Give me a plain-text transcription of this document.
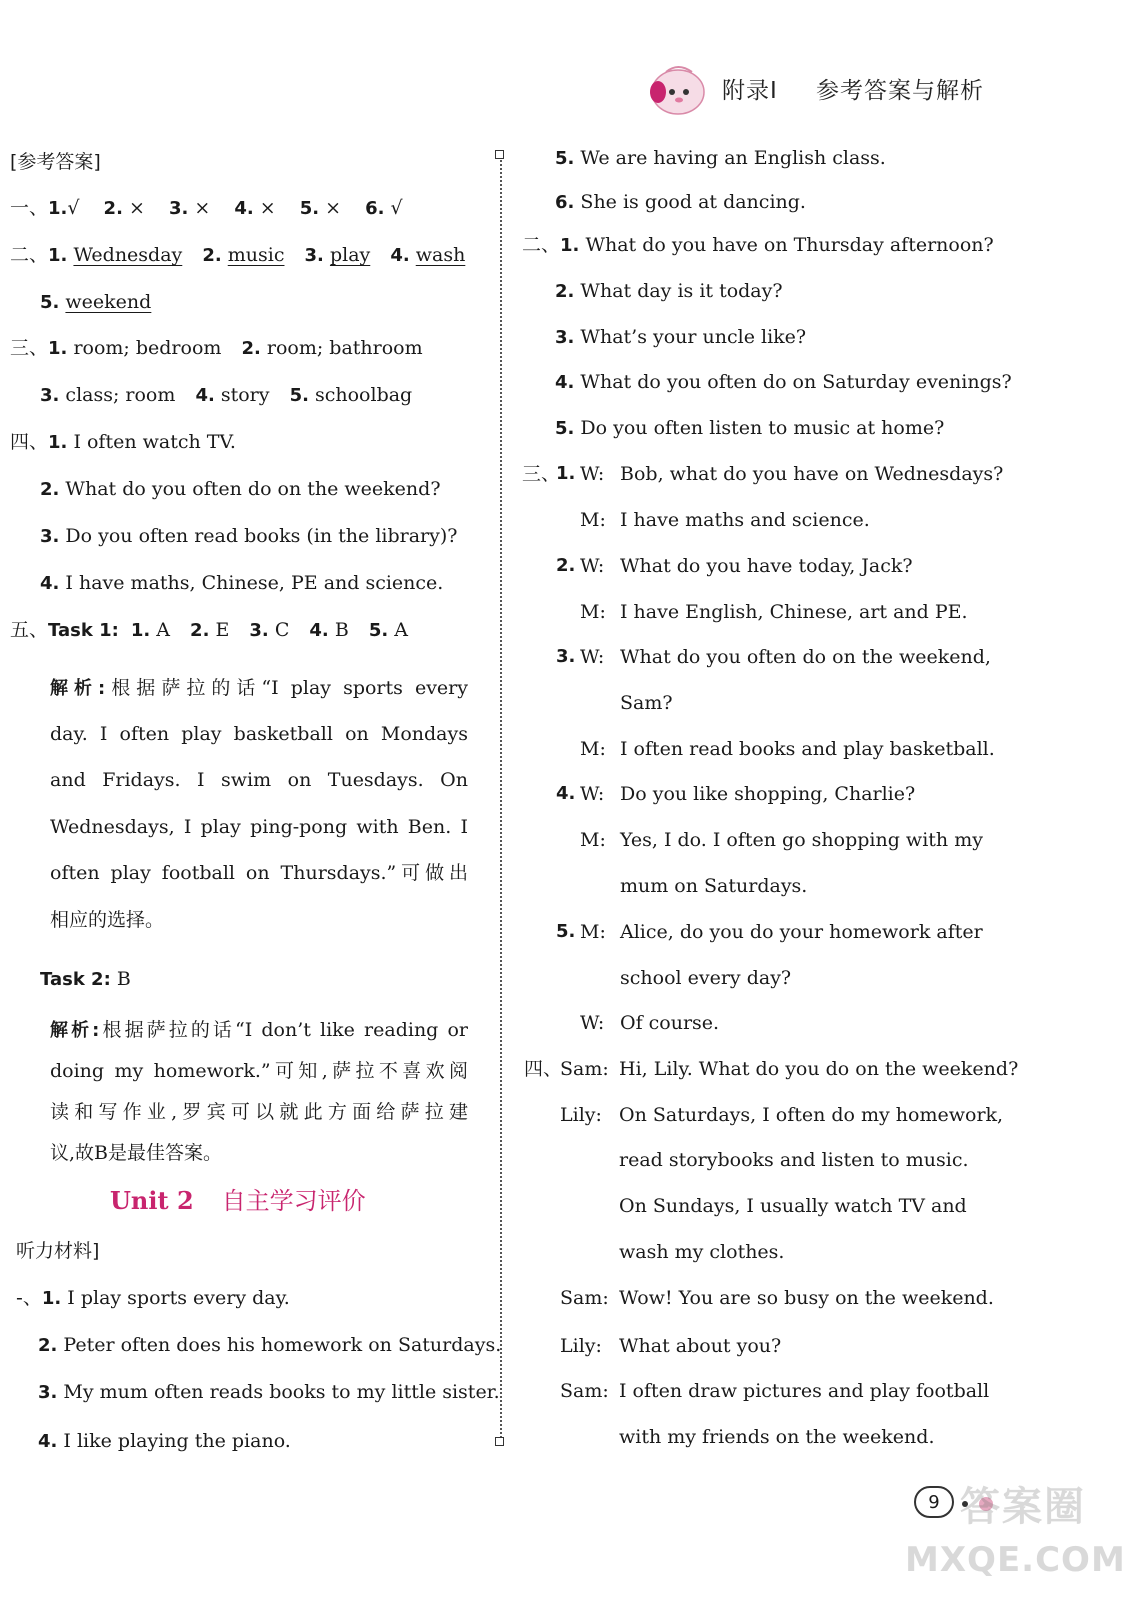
附录Ⅰ 参考答案与解析
[参考答案]
一、1.√ 2. × 3. × 4. × 5. × 6. √
二、1. Wednesday 2. music 3. play 4. wash
5. weekend
三、1. room; bedroom 2. room; bathroom
3. class; room 4. story 5. schoolbag
四、1. I often watch TV.
2. What do you often do on the weekend?
3. Do you often read books (in the library)?
4. I have maths, Chinese, PE and science.
五、Task 1: 1. A 2. E 3. C 4. B 5. A
解析:根据萨拉的话“I play sports every
day. I often play basketball on Mondays
and Fridays. I swim on Tuesdays. On
Wednesdays, I play ping-pong with Ben. I
often play football on Thursdays.”可做出
相应的选择。
Task 2: B
解析:根据萨拉的话“I don’t like reading or
doing my homework.”可知,萨拉不喜欢阅
读和写作业,罗宾可以就此方面给萨拉建
议,故B是最佳答案。
Unit 2 自主学习评价
听力材料]
-、1. I play sports every day.
2. Peter often does his homework on Saturdays.
3. My mum often reads books to my little sister.
4. I like playing the piano.
5. We are having an English class.
6. She is good at dancing.
二、1. What do you have on Thursday afternoon?
2. What day is it today?
3. What’s your uncle like?
4. What do you often do on Saturday evenings?
5. Do you often listen to music at home?
三、
1. W: Bob, what do you have on Wednesdays?
M: I have maths and science.
2. W: What do you have today, Jack?
M: I have English, Chinese, art and PE.
3. W: What do you often do on the weekend,
Sam?
M: I often read books and play basketball.
4. W: Do you like shopping, Charlie?
M: Yes, I do. I often go shopping with my
mum on Saturdays.
5. M: Alice, do you do your homework after
school every day?
W: Of course.
四、
Sam: Hi, Lily. What do you do on the weekend?
Lily: On Saturdays, I often do my homework,
read storybooks and listen to music.
On Sundays, I usually watch TV and
wash my clothes.
Sam: Wow! You are so busy on the weekend.
Lily: What about you?
Sam: I often draw pictures and play football
with my friends on the weekend.
9 答案圈
MXQE.COM
